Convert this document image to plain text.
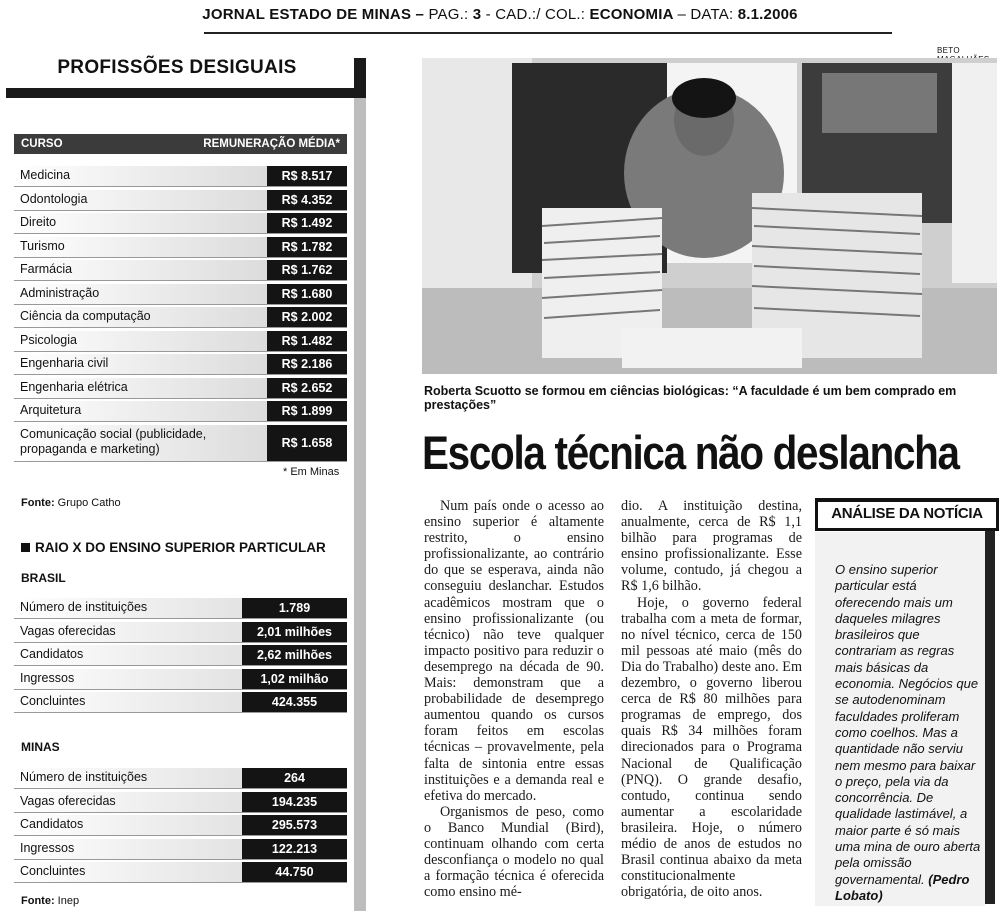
JORNAL ESTADO DE MINAS – PAG.: 3 - CAD.:/ COL.: ECONOMIA – DATA: 8.1.2006
PROFISSÕES DESIGUAIS
CURSO	REMUNERAÇÃO MÉDIA*
Medicina	R$ 8.517
Odontologia	R$ 4.352
Direito	R$ 1.492
Turismo	R$ 1.782
Farmácia	R$ 1.762
Administração	R$ 1.680
Ciência da computação	R$ 2.002
Psicologia	R$ 1.482
Engenharia civil	R$ 2.186
Engenharia elétrica	R$ 2.652
Arquitetura	R$ 1.899
Comunicação social (publicidade,
propaganda e marketing)	R$ 1.658
* Em Minas
Fonte: Grupo Catho
RAIO X DO ENSINO SUPERIOR PARTICULAR
BRASIL
Número de instituições	1.789
Vagas oferecidas	2,01 milhões
Candidatos	2,62 milhões
Ingressos	1,02 milhão
Concluintes	424.355
MINAS
Número de instituições	264
Vagas oferecidas	194.235
Candidatos	295.573
Ingressos	122.213
Concluintes	44.750
Fonte: Inep
BETO
Roberta Scuotto se formou em ciências biológicas: “A faculdade é um bem comprado em prestações”
Escola técnica não deslancha

Num país onde o acesso ao ensino superior é altamente restrito, o ensino profissionalizante, ao contrário do que se esperava, ainda não conseguiu deslanchar. Estudos acadêmicos mostram que o ensino profissionalizante (ou técnico) não teve qualquer impacto positivo para reduzir o desemprego na década de 90. Mais: demonstram que a probabilidade de desemprego aumentou quando os cursos foram feitos em escolas técnicas – provavelmente, pela falta de sintonia entre essas instituições e a demanda real e efetiva do mercado.

Organismos de peso, como o Banco Mundial (Bird), continuam olhando com certa desconfiança o modelo no qual a formação técnica é oferecida como ensino mé-

dio. A instituição destina, anualmente, cerca de R$ 1,1 bilhão para programas de ensino profissionalizante. Esse volume, contudo, já chegou a R$ 1,6 bilhão.

Hoje, o governo federal trabalha com a meta de formar, no nível técnico, cerca de 150 mil pessoas até maio (mês do Dia do Trabalho) deste ano. Em dezembro, o governo liberou cerca de R$ 80 milhões para programas de emprego, dos quais R$ 34 milhões foram direcionados para o Programa Nacional de Qualificação (PNQ). O grande desafio, contudo, continua sendo aumentar a escolaridade brasileira. Hoje, o número médio de anos de estudos no Brasil continua abaixo da meta constitucionalmente obrigatória, de oito anos.

ANÁLISE DA NOTÍCIA
O ensino superior particular está oferecendo mais um daqueles milagres brasileiros que contrariam as regras mais básicas da economia. Negócios que se autodenominam faculdades proliferam como coelhos. Mas a quantidade não serviu nem mesmo para baixar o preço, pela via da concorrência. De qualidade lastimável, a maior parte é só mais uma mina de ouro aberta pela omissão governamental. (Pedro Lobato)
